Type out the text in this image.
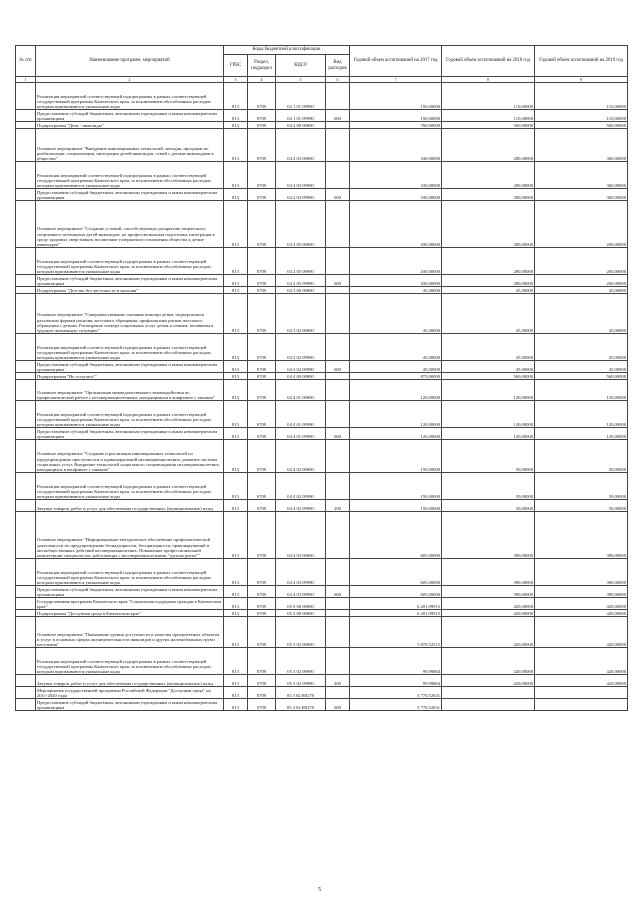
№ п/п	Наименование программ, мероприятий	Коды бюджетной классификации				Годовой объем ассигнований на 2017 год	Годовой объем ассигнований на 2018 год	Годовой объем ассигнований на 2019 год
		ГРБС	Раздел, подраздел	КЦСР	Вид расходов			
1	2	3	4	5	6	7	8	9
	Реализация мероприятий соответствующей подпрограммы в рамках соответствующей государственной программы Камчатского края, за исключением обособленных расходов, которым присваиваются уникальные коды	813	0709	04 1 01 09990		150,00000	110,00000	110,00000
	Предоставление субсидий бюджетным, автономным учреждениям и иным некоммерческим организациям	813	0709	04 1 01 09990	600	150,00000	110,00000	110,00000
	Подпрограмма "Дети - инвалиды"	813	0709	04 2 00 00000		760,00000	560,00000	560,00000
	Основное мероприятие "Внедрение инновационных технологий, методик, программ по реабилитации, социализации, интеграции детей-инвалидов, семей с детьми-инвалидами в общество"	813	0709	04 2 03 00000		330,00000	280,00000	360,00000
	Реализация мероприятий соответствующей подпрограммы в рамках соответствующей государственной программы Камчатского края, за исключением обособленных расходов, которым присваиваются уникальные коды	813	0709	04 2 03 09990		330,00000	280,00000	360,00000
	Предоставление субсидий бюджетным, автономным учреждениям и иным некоммерческим организациям	813	0709	04 2 03 09990	600	330,00000	280,00000	360,00000
	Основное мероприятие "Создание условий, способствующих раскрытию творческого, спортивного потенциала детей-инвалидов, их профессиональная подготовка, интеграция в среду здоровых сверстников, воспитание толерантного отношения общества к детям-инвалидам"	813	0709	04 2 05 00000		430,00000	280,00000	200,00000
	Реализация мероприятий соответствующей подпрограммы в рамках соответствующей государственной программы Камчатского края, за исключением обособленных расходов, которым присваиваются уникальные коды	813	0709	04 2 05 09990		430,00000	280,00000	200,00000
	Предоставление субсидий бюджетным, автономным учреждениям и иным некоммерческим организациям	813	0709	04 2 05 09990	600	430,00000	280,00000	200,00000
	Подпрограмма "Детство без жестокости и насилия"	813	0709	04 3 00 00000		45,00000	45,00000	45,00000
	Основное мероприятие "Совершенствование оказания помощи детям, подвергшимся различным формам насилия, жестокого обращения, профилактика рисков жестокого обращения с детьми. Расширение спектра социальных услуг детям и семьям, попавшим в трудную жизненную ситуацию"	813	0709	04 3 02 00000		45,00000	45,00000	45,00000
	Реализация мероприятий соответствующей подпрограммы в рамках соответствующей государственной программы Камчатского края, за исключением обособленных расходов, которым присваиваются уникальные коды	813	0709	04 3 02 09990		45,00000	45,00000	45,00000
	Предоставление субсидий бюджетным, автономным учреждениям и иным некоммерческим организациям	813	0709	04 3 02 09990	600	45,00000	45,00000	45,00000
	Подпрограмма "Не оступись!"	813	0709	04 4 00 00000		875,00000	560,00000	560,00000
	Основное мероприятие "Организация межведомственного взаимодействия по профилактической работе с несовершеннолетними, находящимися в конфликте с законом"	813	0709	04 4 01 00000		120,00000	120,00000	120,00000
	Реализация мероприятий соответствующей подпрограммы в рамках соответствующей государственной программы Камчатского края, за исключением обособленных расходов, которым присваиваются уникальные коды	813	0709	04 4 01 09990		120,00000	120,00000	120,00000
	Предоставление субсидий бюджетным, автономным учреждениям и иным некоммерческим организациям	813	0709	04 4 01 09990	600	120,00000	120,00000	120,00000
	Основное мероприятие "Создание и реализация инновационных технологий по предупреждению преступности и правонарушений несовершеннолетних, развитие системы социальных услуг. Внедрение технологий социального сопровождения несовершеннолетних, находящихся в конфликте с законом"	813	0709	04 4 02 00000		150,00000	50,00000	50,00000
	Реализация мероприятий соответствующей подпрограммы в рамках соответствующей государственной программы Камчатского края, за исключением обособленных расходов, которым присваиваются уникальные коды	813	0709	04 4 02 09990		150,00000	50,00000	50,00000
	Закупка товаров, работ и услуг для обеспечения государственных (муниципальных) нужд	813	0709	04 4 02 09990	200	150,00000	50,00000	50,00000
	Основное мероприятие "Информационно-методическое обеспечение профилактической деятельности по предупреждению безнадзорности, беспризорности, правонарушений и антиобщественных действий несовершеннолетних. Повышение профессиональной компетенции специалистов, работающих с несовершеннолетними "группы риска""	813	0709	04 4 03 00000		605,00000	390,00000	390,00000
	Реализация мероприятий соответствующей подпрограммы в рамках соответствующей государственной программы Камчатского края, за исключением обособленных расходов, которым присваиваются уникальные коды	813	0709	04 4 03 09990		605,00000	390,00000	390,00000
	Предоставление субсидий бюджетным, автономным учреждениям и иным некоммерческим организациям	813	0709	04 4 03 09990	600	605,00000	390,00000	390,00000
	Государственная программа Камчатского края "Социальная поддержка граждан в Камчатском крае"	813	0709	05 0 00 00000		6 201,99915	420,00000	420,00000
	Подпрограмма "Доступная среда в Камчатском крае"	813	0709	05 3 00 00000		6 201,99915	420,00000	420,00000
	Основное мероприятие "Повышение уровня доступности и качества приоритетных объектов и услуг в основных сферах жизнедеятельности инвалидов и других маломобильных групп населения"	813	0709	05 3 02 00000		5 870,52515	420,00000	420,00000
	Реализация мероприятий соответствующей подпрограммы в рамках соответствующей государственной программы Камчатского края, за исключением обособленных расходов, которым присваиваются уникальные коды	813	0709	05 3 02 09990		99,99884	420,00000	420,00000
	Закупка товаров, работ и услуг для обеспечения государственных (муниципальных) нужд	813	0709	05 3 02 09990	200	99,99884	420,00000	420,00000
	Мероприятия государственной программы Российской Федерации "Доступная среда" на 2011-2020 годы	813	0709	05 3 02 R0270		5 770,52631		
	Предоставление субсидий бюджетным, автономным учреждениям и иным некоммерческим организациям	813	0709	05 3 02 R0270	600	5 770,52631		
5
